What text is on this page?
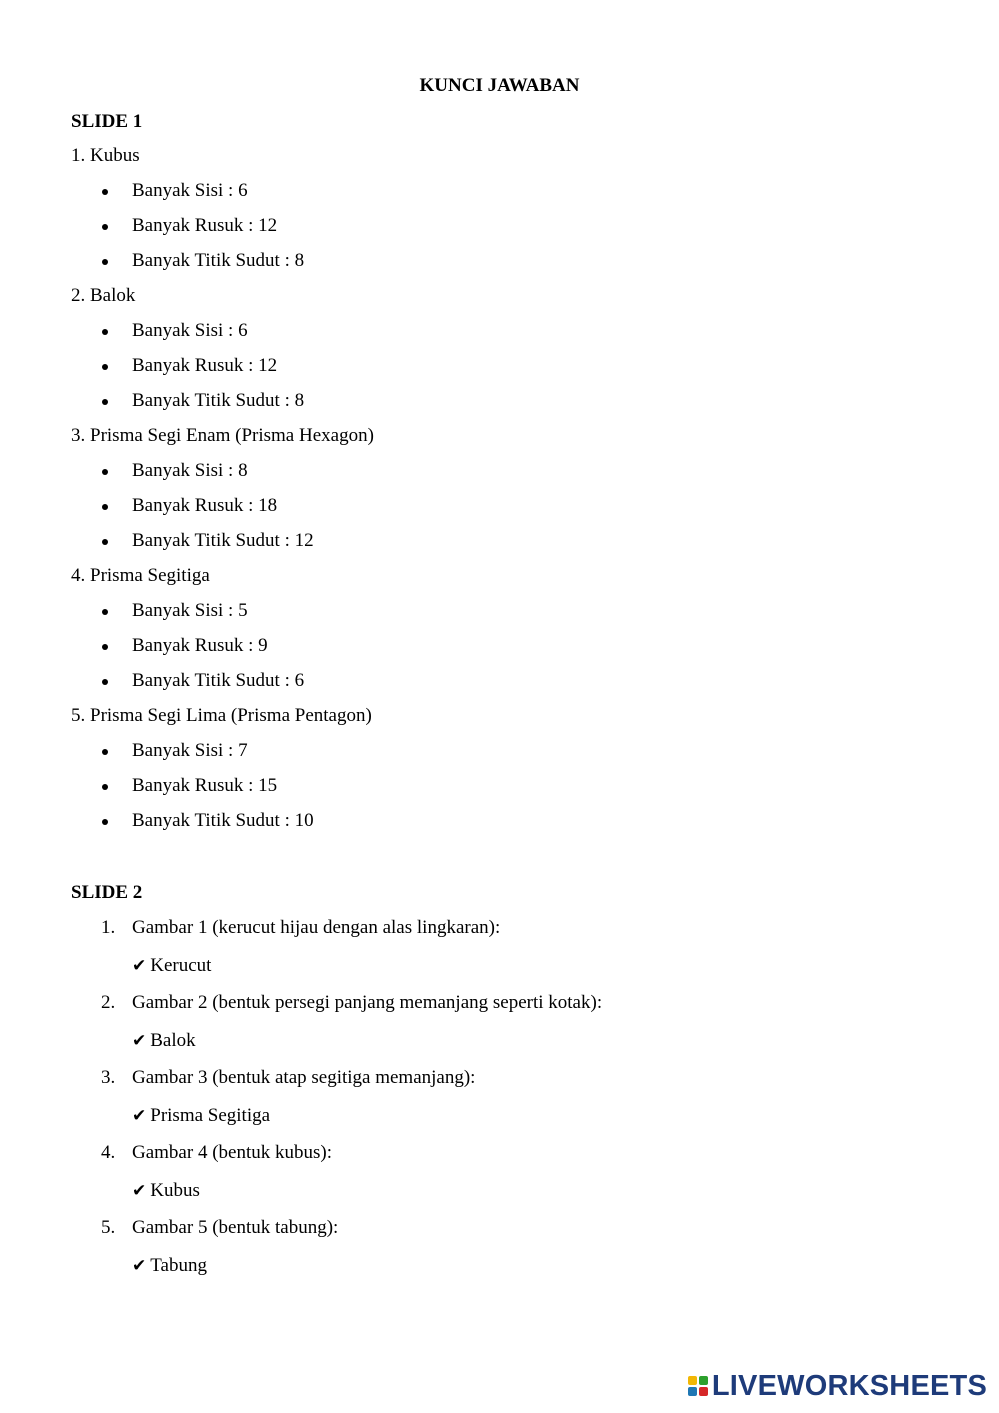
KUNCI JAWABAN
SLIDE 1
1. Kubus
Banyak Sisi : 6
Banyak Rusuk : 12
Banyak Titik Sudut : 8
2. Balok
Banyak Sisi : 6
Banyak Rusuk : 12
Banyak Titik Sudut : 8
3. Prisma Segi Enam (Prisma Hexagon)
Banyak Sisi : 8
Banyak Rusuk : 18
Banyak Titik Sudut : 12
4. Prisma Segitiga
Banyak Sisi : 5
Banyak Rusuk : 9
Banyak Titik Sudut : 6
5. Prisma Segi Lima (Prisma Pentagon)
Banyak Sisi : 7
Banyak Rusuk : 15
Banyak Titik Sudut : 10
SLIDE 2
1. Gambar 1 (kerucut hijau dengan alas lingkaran):
✔ Kerucut
2. Gambar 2 (bentuk persegi panjang memanjang seperti kotak):
✔ Balok
3. Gambar 3 (bentuk atap segitiga memanjang):
✔ Prisma Segitiga
4. Gambar 4 (bentuk kubus):
✔ Kubus
5. Gambar 5 (bentuk tabung):
✔ Tabung
LIVEWORKSHEETS
